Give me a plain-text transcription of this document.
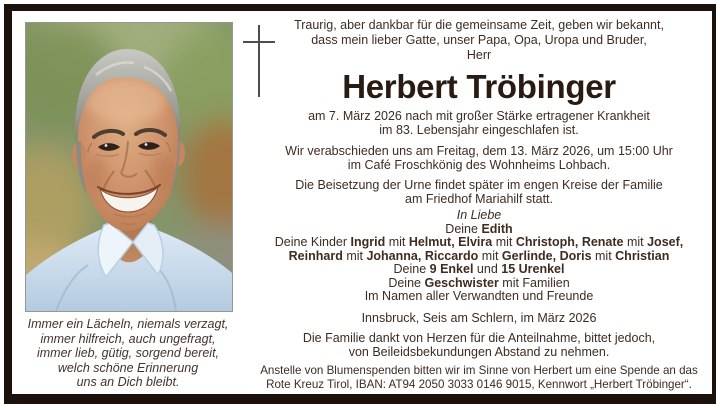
Immer ein Lächeln, niemals verzagt,
immer hilfreich, auch ungefragt,
immer lieb, gütig, sorgend bereit,
welch schöne Erinnerung
uns an Dich bleibt.

Traurig, aber dankbar für die gemeinsame Zeit, geben wir bekannt,
dass mein lieber Gatte, unser Papa, Opa, Uropa und Bruder,
Herr

Herbert Tröbinger

am 7. März 2026 nach mit großer Stärke ertragener Krankheit
im 83. Lebensjahr eingeschlafen ist.

Wir verabschieden uns am Freitag, dem 13. März 2026, um 15:00 Uhr
im Café Froschkönig des Wohnheims Lohbach.

Die Beisetzung der Urne findet später im engen Kreise der Familie
am Friedhof Mariahilf statt.

In Liebe

Deine Edith
Deine Kinder Ingrid mit Helmut, Elvira mit Christoph, Renate mit Josef,
Reinhard mit Johanna, Riccardo mit Gerlinde, Doris mit Christian
Deine 9 Enkel und 15 Urenkel
Deine Geschwister mit Familien
Im Namen aller Verwandten und Freunde

Innsbruck, Seis am Schlern, im März 2026

Die Familie dankt von Herzen für die Anteilnahme, bittet jedoch,
von Beileidsbekundungen Abstand zu nehmen.

Anstelle von Blumenspenden bitten wir im Sinne von Herbert um eine Spende an das
Rote Kreuz Tirol, IBAN: AT94 2050 3033 0146 9015, Kennwort „Herbert Tröbinger“.
